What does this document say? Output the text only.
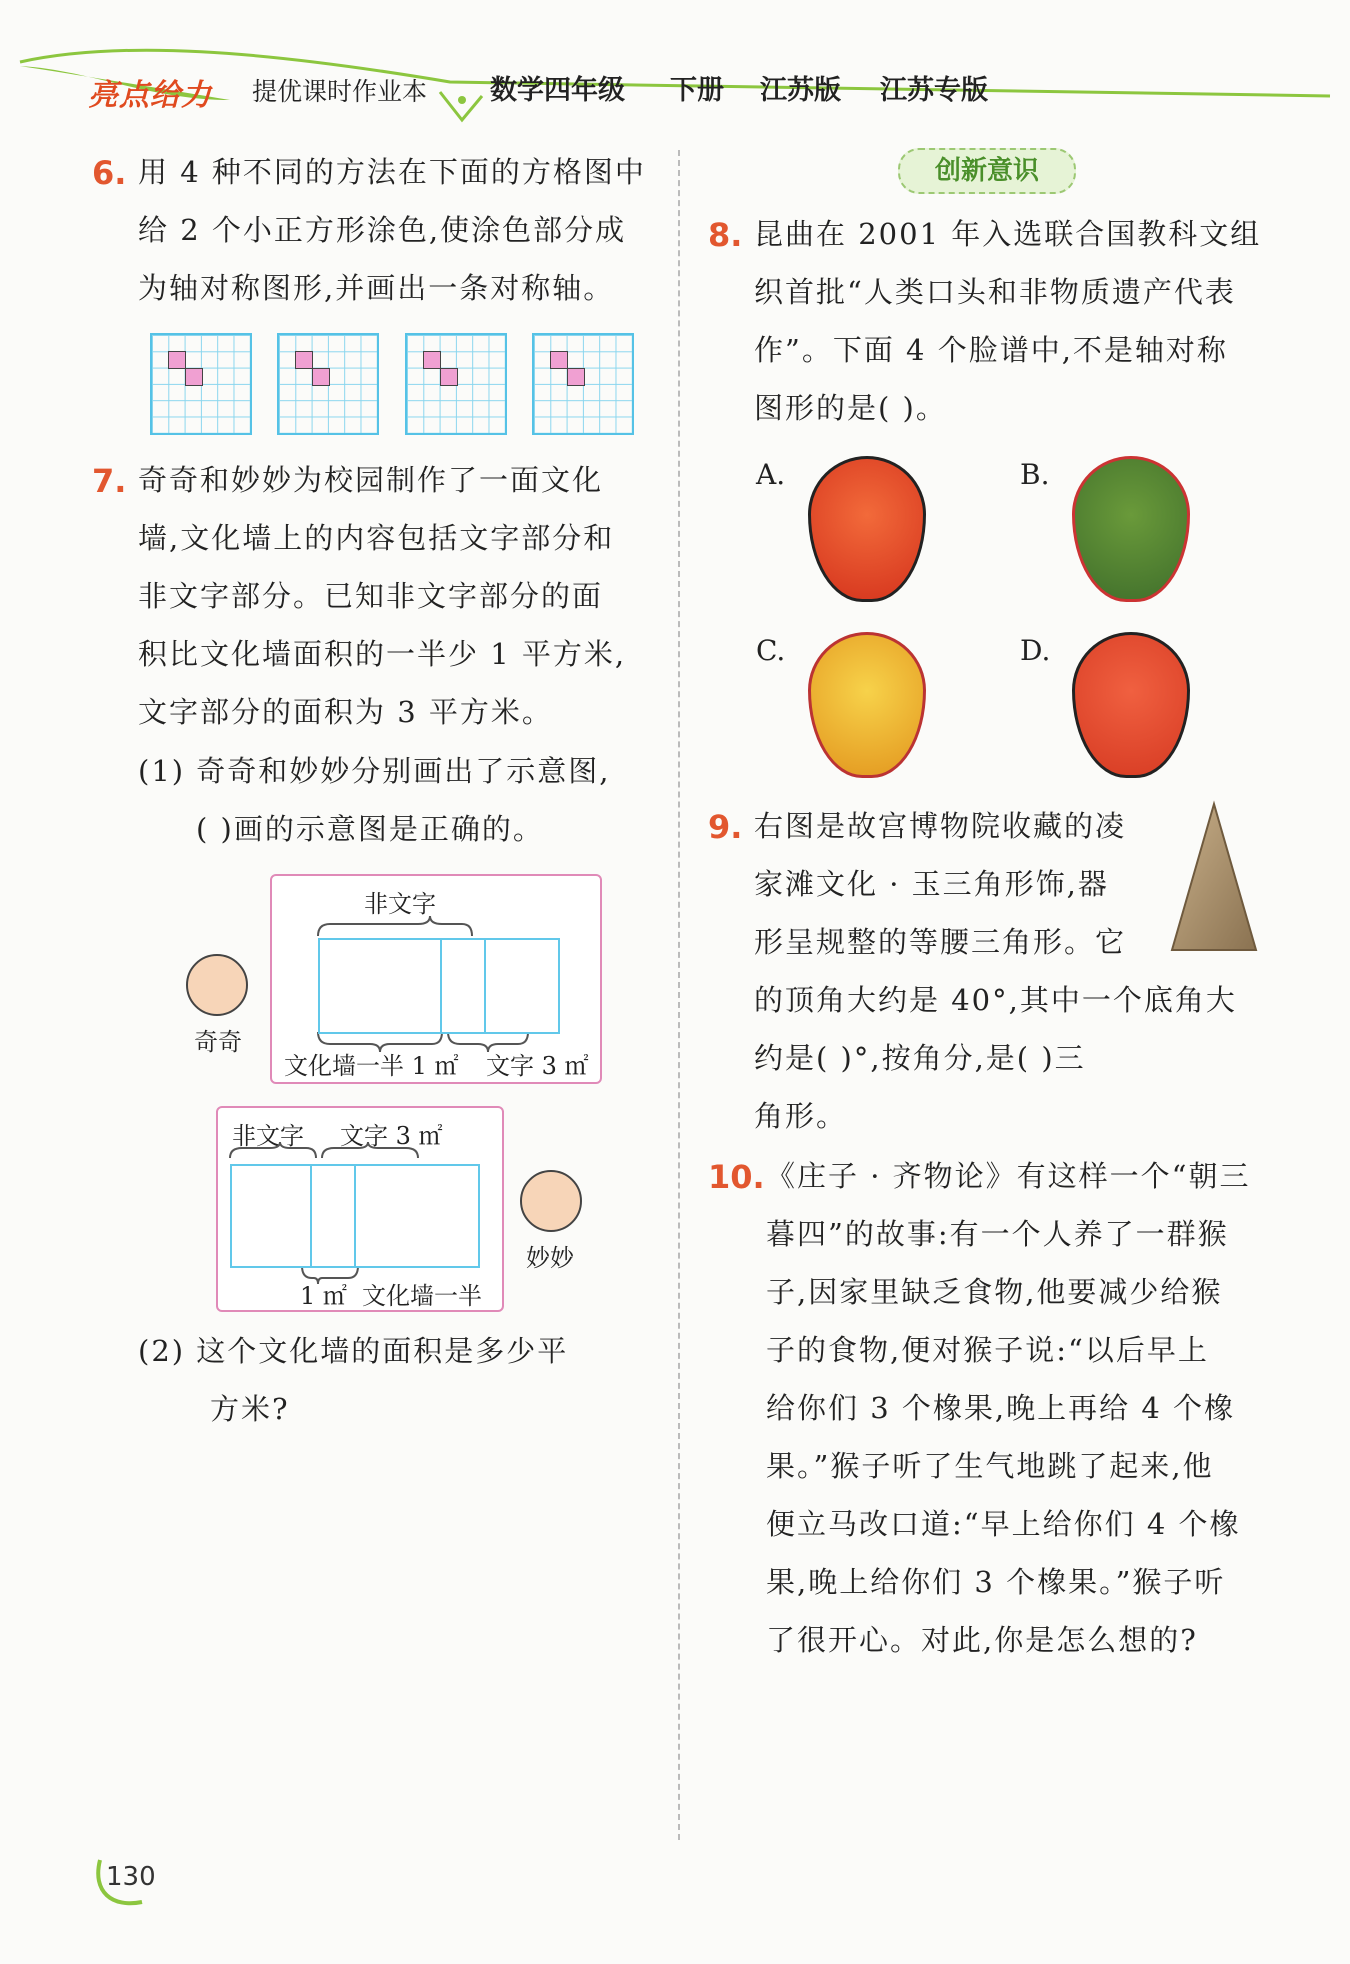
亮点给力 提优课时作业本 数学四年级 下册 江苏版 江苏专版
6. 用 4 种不同的方法在下面的方格图中
给 2 个小正方形涂色,使涂色部分成
为轴对称图形,并画出一条对称轴。
7. 奇奇和妙妙为校园制作了一面文化
墙,文化墙上的内容包括文字部分和
非文字部分。已知非文字部分的面
积比文化墙面积的一半少 1 平方米,
文字部分的面积为 3 平方米。
(1) 奇奇和妙妙分别画出了示意图,
( )画的示意图是正确的。
非文字
文化墙一半 1 ㎡ 文字 3 ㎡
奇奇
非文字 文字 3 ㎡
1 ㎡ 文化墙一半
妙妙
(2) 这个文化墙的面积是多少平
方米?
创新意识
8. 昆曲在 2001 年入选联合国教科文组
织首批“人类口头和非物质遗产代表
作”。下面 4 个脸谱中,不是轴对称
图形的是( )。
A.	B.
C.	D.
9. 右图是故宫博物院收藏的凌
家滩文化 · 玉三角形饰,器
形呈规整的等腰三角形。它
的顶角大约是 40°,其中一个底角大
约是( )°,按角分,是( )三
角形。
10. 《庄子 · 齐物论》有这样一个“朝三
暮四”的故事:有一个人养了一群猴
子,因家里缺乏食物,他要减少给猴
子的食物,便对猴子说:“以后早上
给你们 3 个橡果,晚上再给 4 个橡
果。”猴子听了生气地跳了起来,他
便立马改口道:“早上给你们 4 个橡
果,晚上给你们 3 个橡果。”猴子听
了很开心。对此,你是怎么想的?
130
